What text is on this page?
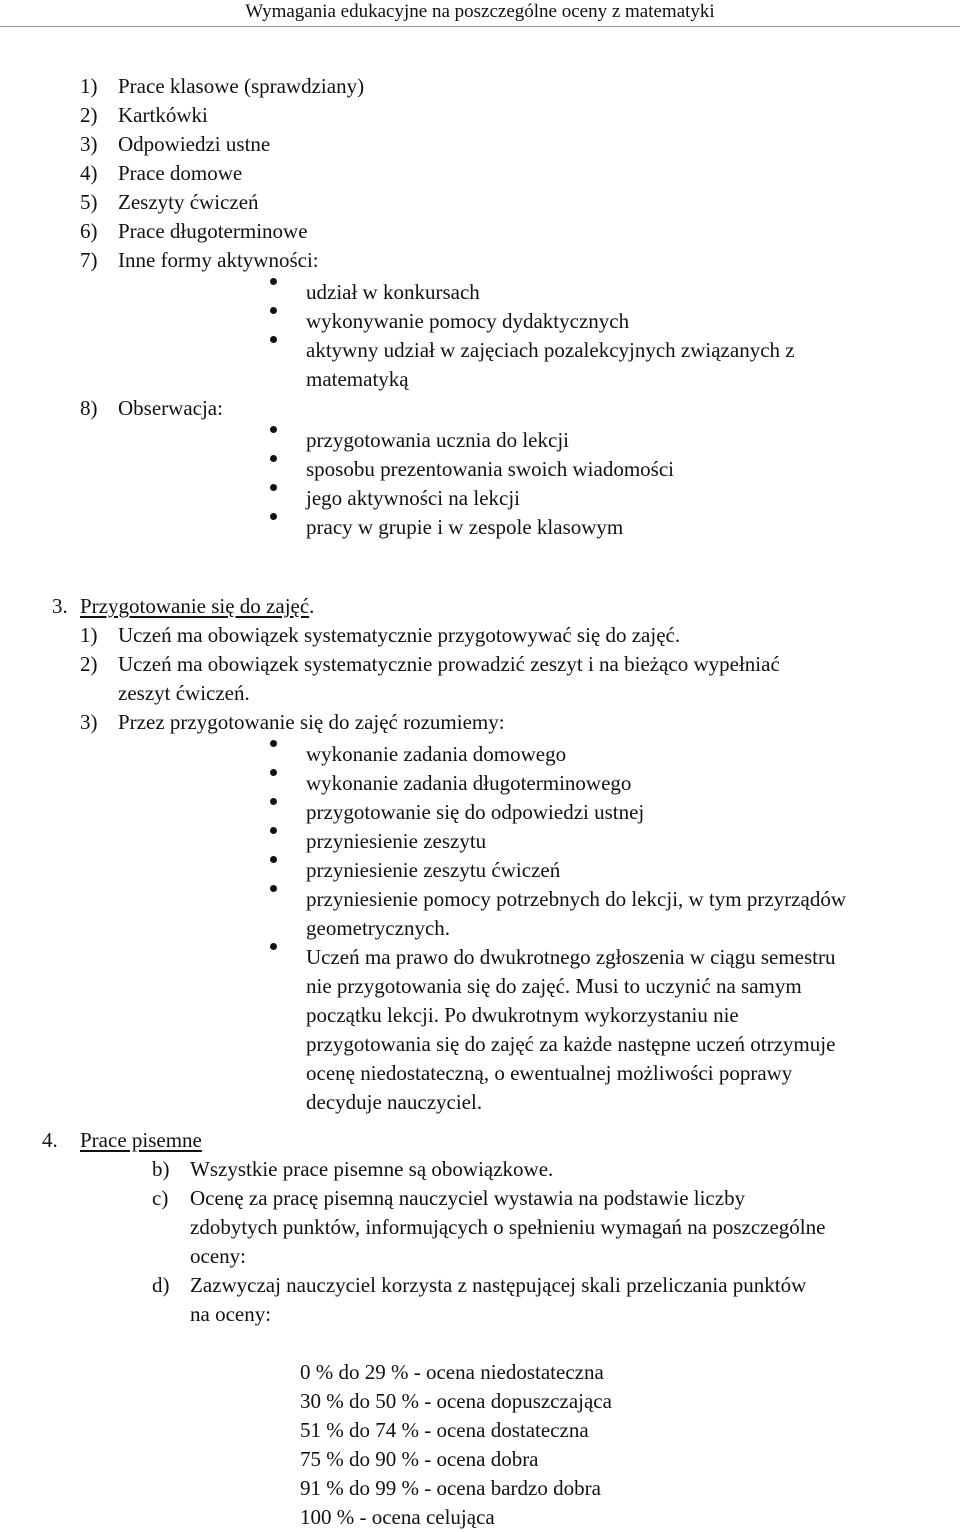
Wymagania edukacyjne na poszczególne oceny z matematyki
1) Prace klasowe (sprawdziany)
2) Kartkówki
3) Odpowiedzi ustne
4) Prace domowe
5) Zeszyty ćwiczeń
6) Prace długoterminowe
7) Inne formy aktywności:
udział w konkursach
wykonywanie pomocy dydaktycznych
aktywny udział w zajęciach pozalekcyjnych związanych z
matematyką
8) Obserwacja:
przygotowania ucznia do lekcji
sposobu prezentowania swoich wiadomości
jego aktywności na lekcji
pracy w grupie i w zespole klasowym
3. Przygotowanie się do zajęć.
1) Uczeń ma obowiązek systematycznie przygotowywać się do zajęć.
2) Uczeń ma obowiązek systematycznie prowadzić zeszyt i na bieżąco wypełniać
zeszyt ćwiczeń.
3) Przez przygotowanie się do zajęć rozumiemy:
wykonanie zadania domowego
wykonanie zadania długoterminowego
przygotowanie się do odpowiedzi ustnej
przyniesienie zeszytu
przyniesienie zeszytu ćwiczeń
przyniesienie pomocy potrzebnych do lekcji, w tym przyrządów
geometrycznych.
Uczeń ma prawo do dwukrotnego zgłoszenia w ciągu semestru
nie przygotowania się do zajęć. Musi to uczynić na samym
początku lekcji. Po dwukrotnym wykorzystaniu nie
przygotowania się do zajęć za każde następne uczeń otrzymuje
ocenę niedostateczną, o ewentualnej możliwości poprawy
decyduje nauczyciel.
4. Prace pisemne
b) Wszystkie prace pisemne są obowiązkowe.
c) Ocenę za pracę pisemną nauczyciel wystawia na podstawie liczby
zdobytych punktów, informujących o spełnieniu wymagań na poszczególne
oceny:
d) Zazwyczaj nauczyciel korzysta z następującej skali przeliczania punktów
na oceny:
0 % do 29 % - ocena niedostateczna
30 % do 50 % - ocena dopuszczająca
51 % do 74 % - ocena dostateczna
75 % do 90 % - ocena dobra
91 % do 99 % - ocena bardzo dobra
100 % - ocena celująca
